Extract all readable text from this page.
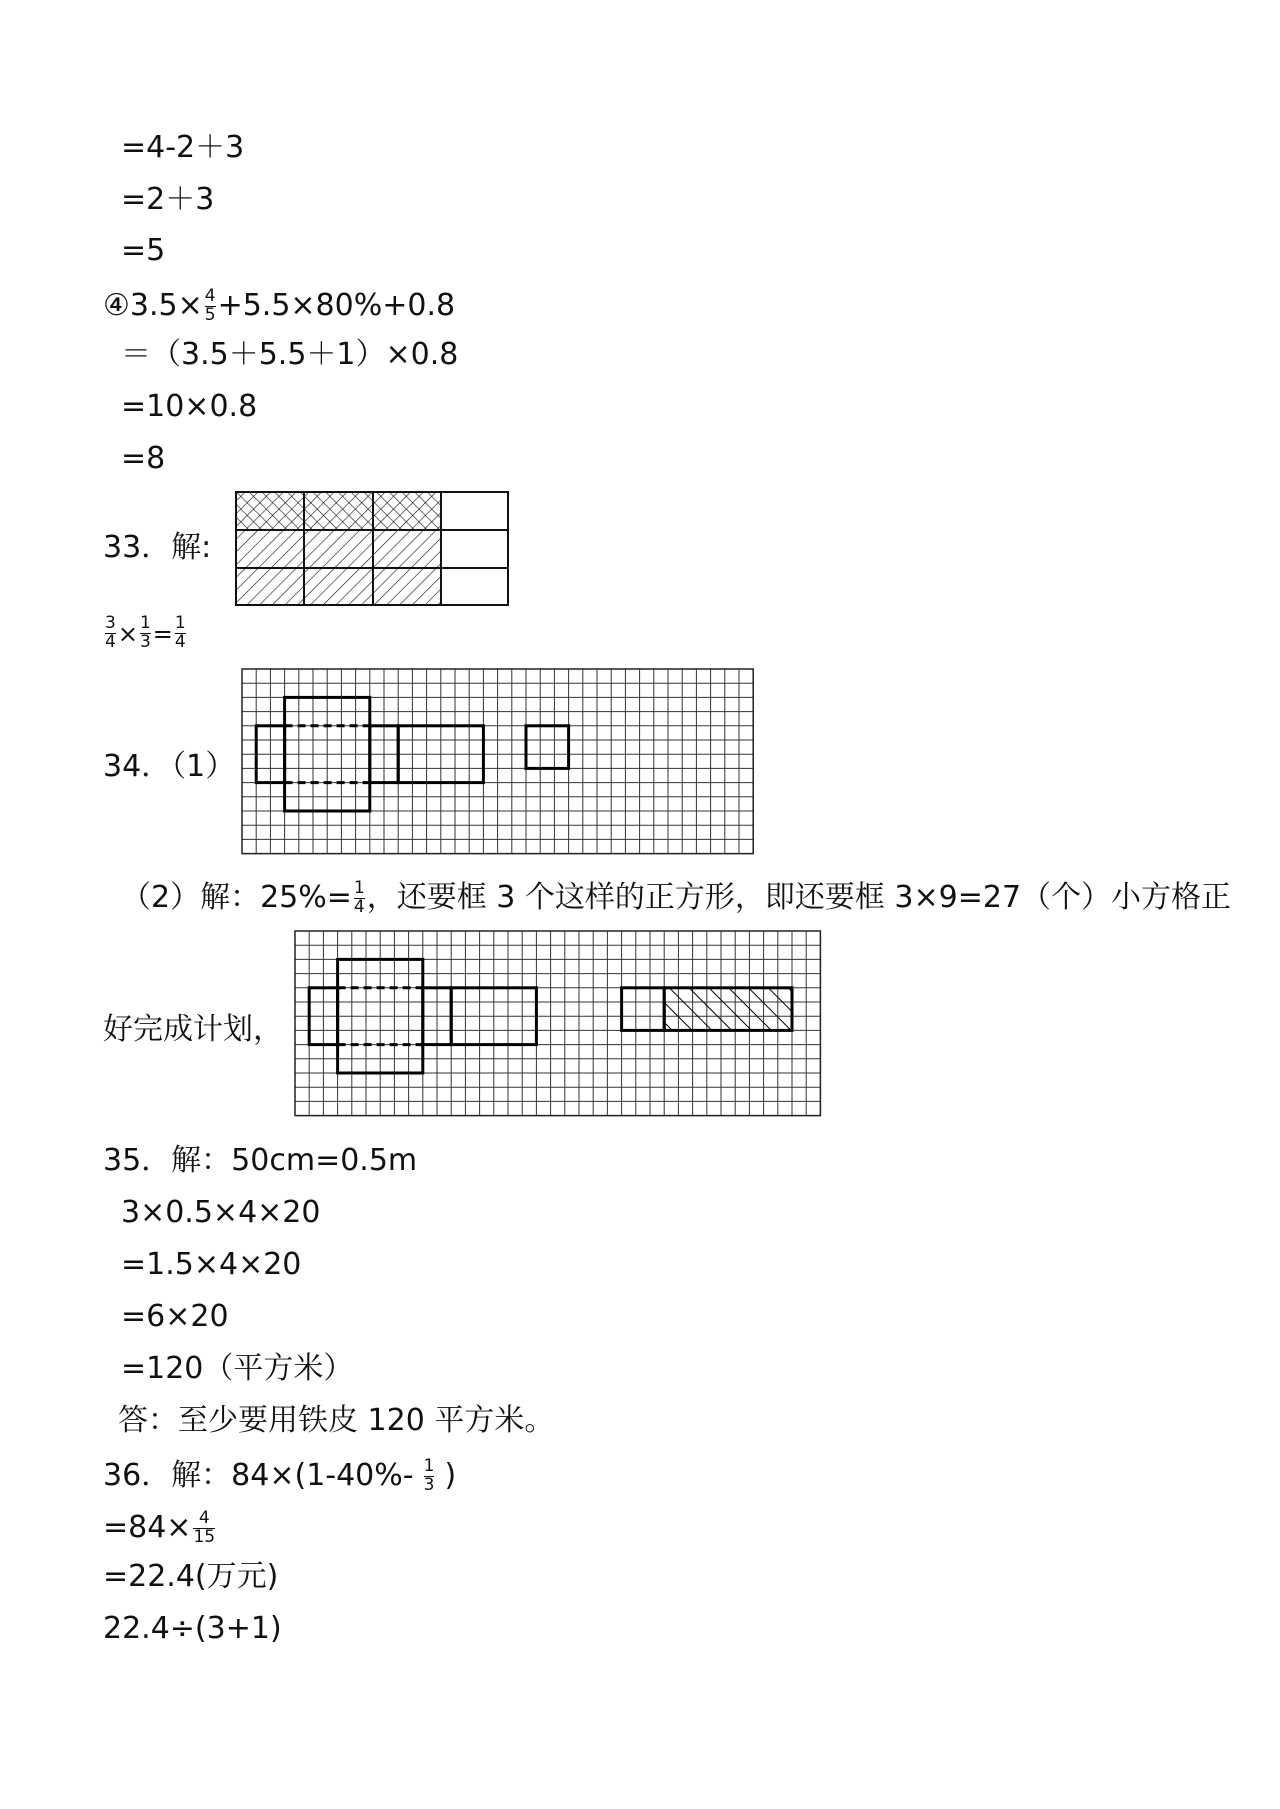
=4-2＋3
=2＋3
=5
④3.5× $\frac{4}{5} +5.5\times 80\%+0.8$
＝（3.5＋5.5＋1）×0.8
=10×0.8
=8
33．解:
$\frac{3}{4} \times \frac{1}{3} = \frac{1}{4}$
34．（1）
（2）解：$25\%= \frac{1}{4}$ ，还要框 3 个这样的正方形，即还要框 3×9=27（个）小方格正
好完成计划，
35．解：50cm=0.5m
3×0.5×4×20
=1.5×4×20
=6×20
=120（平方米）
答：至少要用铁皮 120 平方米。
36．解：$84\times(1-40\%- \frac{1}{3}$ )
$=84\times \frac{4}{15}$
=22.4(万元)
22.4÷(3+1)
